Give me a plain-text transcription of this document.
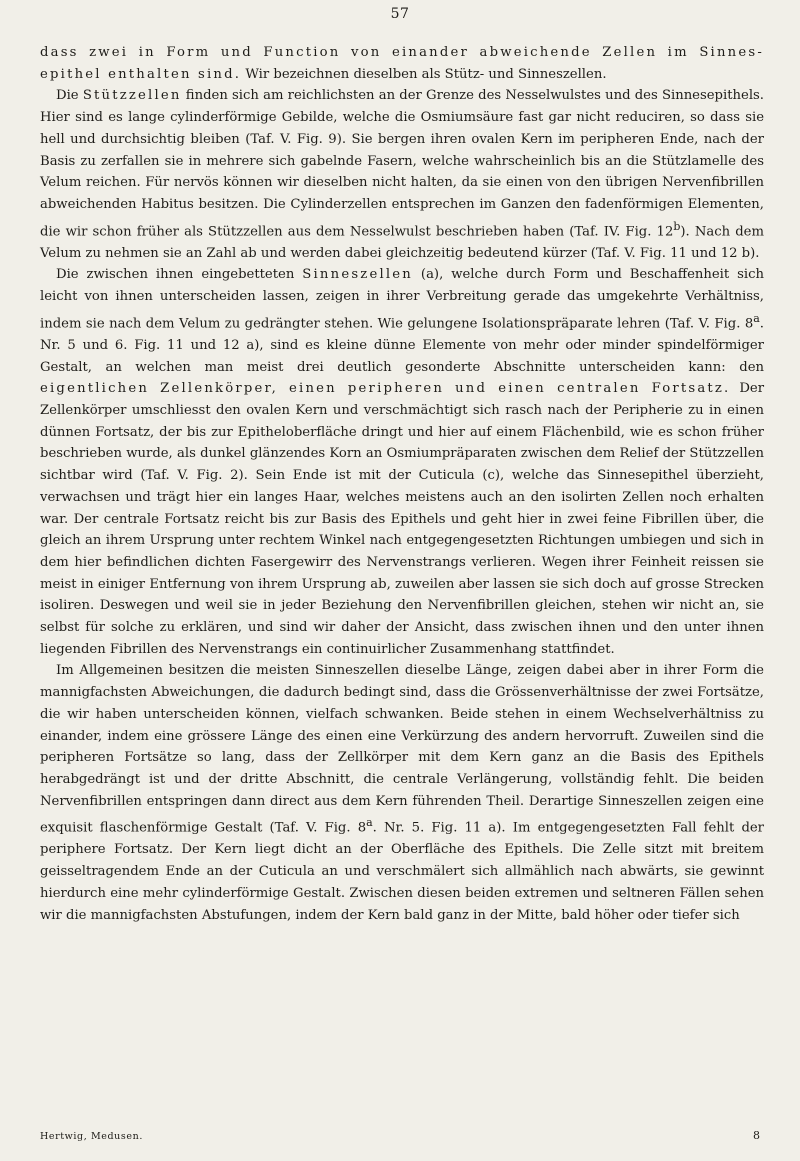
57

dass zwei in Form und Function von einander abweichende Zellen im Sinnes-epithel enthalten sind. Wir bezeichnen dieselben als Stütz- und Sinneszellen.

Die Stützzellen finden sich am reichlichsten an der Grenze des Nesselwulstes und des Sinnesepithels. Hier sind es lange cylinderförmige Gebilde, welche die Osmiumsäure fast gar nicht reduciren, so dass sie hell und durchsichtig bleiben (Taf. V. Fig. 9). Sie bergen ihren ovalen Kern im peripheren Ende, nach der Basis zu zerfallen sie in mehrere sich gabelnde Fasern, welche wahrscheinlich bis an die Stützlamelle des Velum reichen. Für nervös können wir dieselben nicht halten, da sie einen von den übrigen Nervenfibrillen abweichenden Habitus besitzen. Die Cylinderzellen entsprechen im Ganzen den fadenförmigen Elementen, die wir schon früher als Stützzellen aus dem Nesselwulst beschrieben haben (Taf. IV. Fig. 12$^b$). Nach dem Velum zu nehmen sie an Zahl ab und werden dabei gleichzeitig bedeutend kürzer (Taf. V. Fig. 11 und 12 b).

Die zwischen ihnen eingebetteten Sinneszellen (a), welche durch Form und Beschaffenheit sich leicht von ihnen unterscheiden lassen, zeigen in ihrer Verbreitung gerade das umgekehrte Verhältniss, indem sie nach dem Velum zu gedrängter stehen. Wie gelungene Isolationspräparate lehren (Taf. V. Fig. 8$^a$. Nr. 5 und 6. Fig. 11 und 12 a), sind es kleine dünne Elemente von mehr oder minder spindelförmiger Gestalt, an welchen man meist drei deutlich gesonderte Abschnitte unterscheiden kann: den eigentlichen Zellenkörper, einen peripheren und einen centralen Fortsatz. Der Zellenkörper umschliesst den ovalen Kern und verschmächtigt sich rasch nach der Peripherie zu in einen dünnen Fortsatz, der bis zur Epitheloberfläche dringt und hier auf einem Flächenbild, wie es schon früher beschrieben wurde, als dunkel glänzendes Korn an Osmiumpräparaten zwischen dem Relief der Stützzellen sichtbar wird (Taf. V. Fig. 2). Sein Ende ist mit der Cuticula (c), welche das Sinnesepithel überzieht, verwachsen und trägt hier ein langes Haar, welches meistens auch an den isolirten Zellen noch erhalten war. Der centrale Fortsatz reicht bis zur Basis des Epithels und geht hier in zwei feine Fibrillen über, die gleich an ihrem Ursprung unter rechtem Winkel nach entgegengesetzten Richtungen umbiegen und sich in dem hier befindlichen dichten Fasergewirr des Nervenstrangs verlieren. Wegen ihrer Feinheit reissen sie meist in einiger Entfernung von ihrem Ursprung ab, zuweilen aber lassen sie sich doch auf grosse Strecken isoliren. Deswegen und weil sie in jeder Beziehung den Nervenfibrillen gleichen, stehen wir nicht an, sie selbst für solche zu erklären, und sind wir daher der Ansicht, dass zwischen ihnen und den unter ihnen liegenden Fibrillen des Nervenstrangs ein continuirlicher Zusammenhang stattfindet.

Im Allgemeinen besitzen die meisten Sinneszellen dieselbe Länge, zeigen dabei aber in ihrer Form die mannigfachsten Abweichungen, die dadurch bedingt sind, dass die Grössenverhältnisse der zwei Fortsätze, die wir haben unterscheiden können, vielfach schwanken. Beide stehen in einem Wechselverhältniss zu einander, indem eine grössere Länge des einen eine Verkürzung des andern hervorruft. Zuweilen sind die peripheren Fortsätze so lang, dass der Zellkörper mit dem Kern ganz an die Basis des Epithels herabgedrängt ist und der dritte Abschnitt, die centrale Verlängerung, vollständig fehlt. Die beiden Nervenfibrillen entspringen dann direct aus dem Kern führenden Theil. Derartige Sinneszellen zeigen eine exquisit flaschenförmige Gestalt (Taf. V. Fig. 8$^a$. Nr. 5. Fig. 11 a). Im entgegengesetzten Fall fehlt der periphere Fortsatz. Der Kern liegt dicht an der Oberfläche des Epithels. Die Zelle sitzt mit breitem geisseltragendem Ende an der Cuticula an und verschmälert sich allmählich nach abwärts, sie gewinnt hierdurch eine mehr cylinderförmige Gestalt. Zwischen diesen beiden extremen und seltneren Fällen sehen wir die mannigfachsten Abstufungen, indem der Kern bald ganz in der Mitte, bald höher oder tiefer sich

Hertwig, Medusen.	8
